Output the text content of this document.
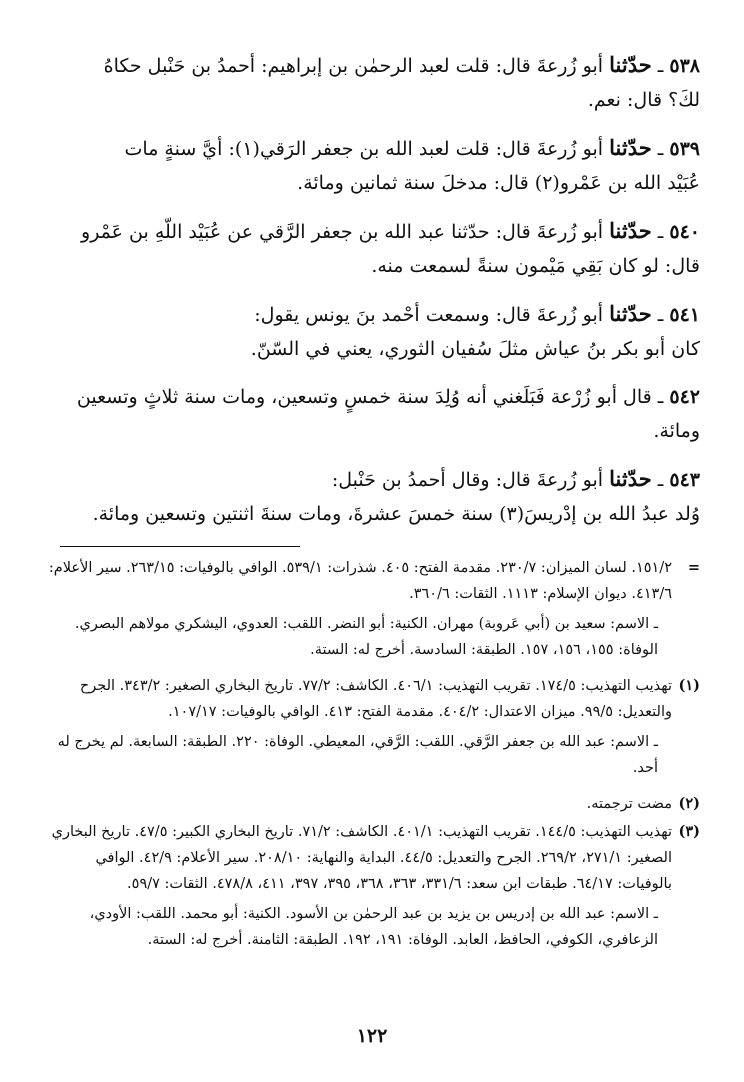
٥٣٨ ـ حدّثنا أبو زُرعةَ قال: قلت لعبد الرحمٰن بن إبراهيم: أحمدُ بن حَنْبل حكاهُ
لكَ؟ قال: نعم.
٥٣٩ ـ حدّثنا أبو زُرعةَ قال: قلت لعبد الله بن جعفر الرَقي(١): أيَّ سنةٍ مات
عُبَيْد الله بن عَمْرو(٢) قال: مدخلَ سنة ثمانين ومائة.
٥٤٠ ـ حدّثنا أبو زُرعةَ قال: حدّثنا عبد الله بن جعفر الرَّقي عن عُبَيْد اللّهِ بن عَمْرو
قال: لو كان بَقِي مَيْمون سنةً لسمعت منه.
٥٤١ ـ حدّثنا أبو زُرعةَ قال: وسمعت أحْمد بنَ يونس يقول:
كان أبو بكر بنُ عياش مثلَ سُفيان الثوري، يعني في السّنّ.
٥٤٢ ـ قال أبو زُرْعة فَبَلَغني أنه وُلِدَ سنة خمسٍ وتسعين، ومات سنة ثلاثٍ وتسعين
ومائة.
٥٤٣ ـ حدّثنا أبو زُرعةَ قال: وقال أحمدُ بن حَنْبل:
وُلد عبدُ الله بن إدْريسَ(٣) سنة خمسَ عشرةَ، ومات سنةَ اثنتين وتسعين ومائة.
=
١٥١/٢. لسان الميزان: ٢٣٠/٧. مقدمة الفتح: ٤٠٥. شذرات: ٥٣٩/١. الوافي بالوفيات: ٢٦٣/١٥. سير الأعلام: ٤١٣/٦. ديوان الإسلام: ١١١٣. الثقات: ٣٦٠/٦.
ـ الاسم: سعيد بن (أبي عَروبة) مهران. الكنية: أبو النضر. اللقب: العدوي، اليشكري مولاهم البصري. الوفاة: ١٥٥، ١٥٦، ١٥٧. الطبقة: السادسة. أخرج له: الستة.
(١)
تهذيب التهذيب: ١٧٤/٥. تقريب التهذيب: ٤٠٦/١. الكاشف: ٧٧/٢. تاريخ البخاري الصغير: ٣٤٣/٢. الجرح والتعديل: ٩٩/٥. ميزان الاعتدال: ٤٠٤/٢. مقدمة الفتح: ٤١٣. الوافي بالوفيات: ١٠٧/١٧.
ـ الاسم: عبد الله بن جعفر الرَّقي. اللقب: الرَّقي، المعيطي. الوفاة: ٢٢٠. الطبقة: السابعة. لم يخرج له أحد.
(٢)
مضت ترجمته.
(٣)
تهذيب التهذيب: ١٤٤/٥. تقريب التهذيب: ٤٠١/١. الكاشف: ٧١/٢. تاريخ البخاري الكبير: ٤٧/٥. تاريخ البخاري الصغير: ٢٧١/١، ٢٦٩/٢. الجرح والتعديل: ٤٤/٥. البداية والنهاية: ٢٠٨/١٠. سير الأعلام: ٤٢/٩. الوافي بالوفيات: ٦٤/١٧. طبقات ابن سعد: ٣٣١/٦، ٣٦٣، ٣٦٨، ٣٩٥، ٣٩٧، ٤١١، ٤٧٨/٨. الثقات: ٥٩/٧.
ـ الاسم: عبد الله بن إدريس بن يزيد بن عبد الرحمٰن بن الأسود. الكنية: أبو محمد. اللقب: الأودي، الزعافري، الكوفي، الحافظ، العابد. الوفاة: ١٩١، ١٩٢. الطبقة: الثامنة. أخرج له: الستة.
١٢٢
